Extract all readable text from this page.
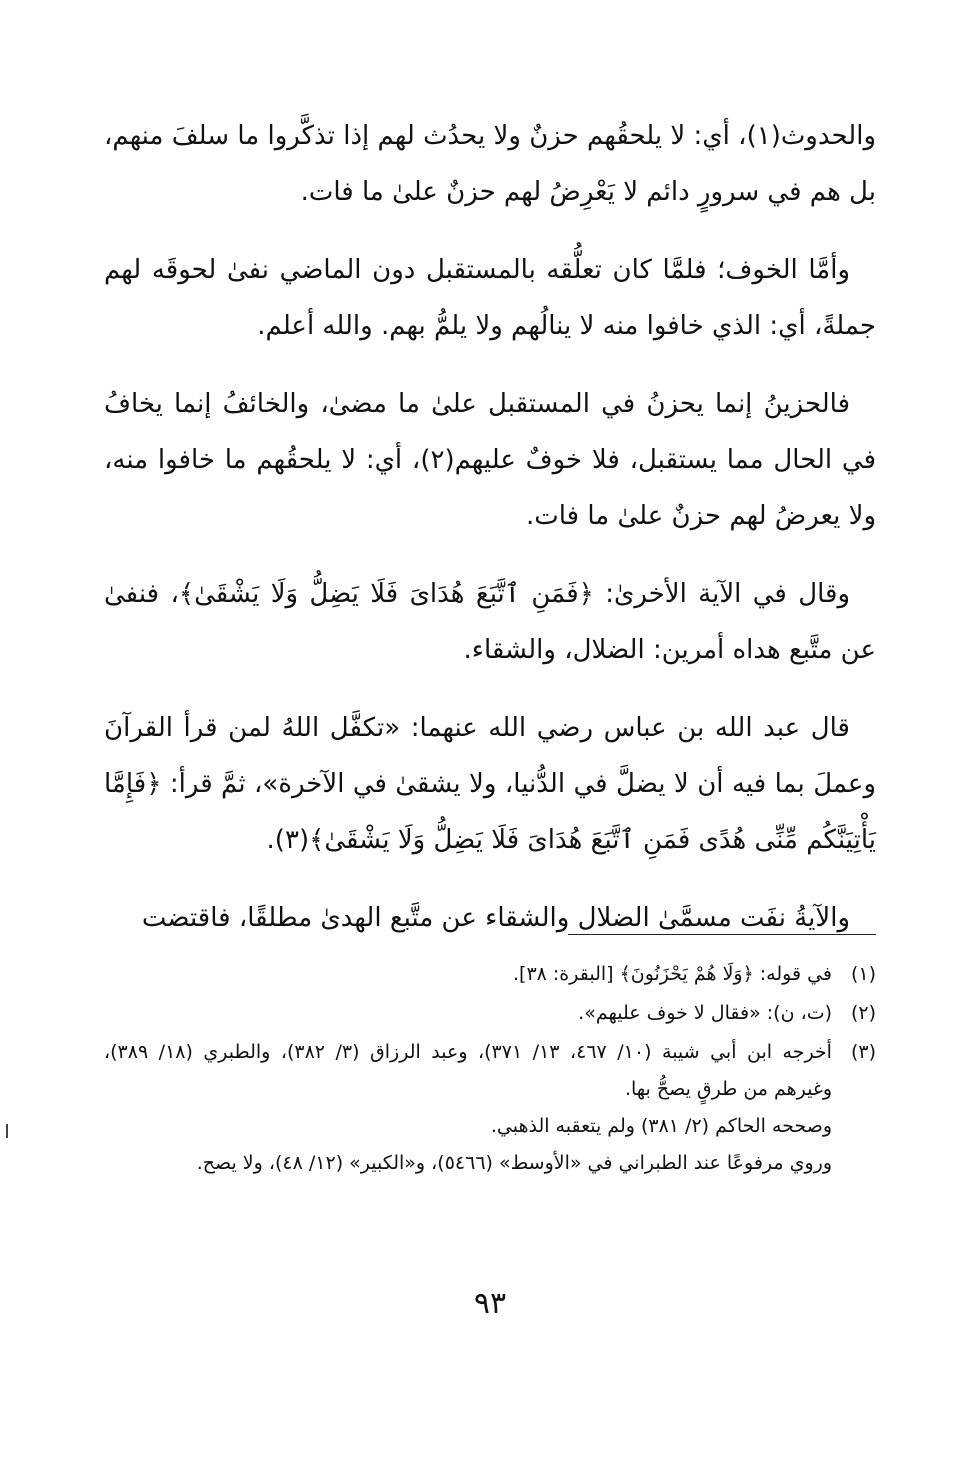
والحدوث(١)، أي: لا يلحقُهم حزنٌ ولا يحدُث لهم إذا تذكَّروا ما سلفَ منهم، بل هم في سرورٍ دائم لا يَعْرِضُ لهم حزنٌ علىٰ ما فات.

وأمَّا الخوف؛ فلمَّا كان تعلُّقه بالمستقبل دون الماضي نفىٰ لحوقَه لهم جملةً، أي: الذي خافوا منه لا ينالُهم ولا يلمُّ بهم. والله أعلم.

فالحزينُ إنما يحزنُ في المستقبل علىٰ ما مضىٰ، والخائفُ إنما يخافُ في الحال مما يستقبل، فلا خوفٌ عليهم(٢)، أي: لا يلحقُهم ما خافوا منه، ولا يعرضُ لهم حزنٌ علىٰ ما فات.

وقال في الآية الأخرىٰ: ﴿فَمَنِ ٱتَّبَعَ هُدَاىَ فَلَا يَضِلُّ وَلَا يَشْقَىٰ﴾، فنفىٰ عن متَّبع هداه أمرين: الضلال، والشقاء.

قال عبد الله بن عباس رضي الله عنهما: «تكفَّل اللهُ لمن قرأ القرآنَ وعملَ بما فيه أن لا يضلَّ في الدُّنيا، ولا يشقىٰ في الآخرة»، ثمَّ قرأ: ﴿فَإِمَّا يَأْتِيَنَّكُم مِّنِّى هُدًى فَمَنِ ٱتَّبَعَ هُدَاىَ فَلَا يَضِلُّ وَلَا يَشْقَىٰ﴾(٣).

والآيةُ نفَت مسمَّىٰ الضلال والشقاء عن متَّبع الهدىٰ مطلقًا، فاقتضت

(١)
في قوله: ﴿وَلَا هُمْ يَحْزَنُونَ﴾ [البقرة: ٣٨].
(٢)
(ت، ن): «فقال لا خوف عليهم».
(٣)
أخرجه ابن أبي شيبة (١٠/ ٤٦٧، ١٣/ ٣٧١)، وعبد الرزاق (٣/ ٣٨٢)، والطبري (١٨/ ٣٨٩)، وغيرهم من طرقٍ يصحُّ بها.
وصححه الحاكم (٢/ ٣٨١) ولم يتعقبه الذهبي.
وروي مرفوعًا عند الطبراني في «الأوسط» (٥٤٦٦)، و«الكبير» (١٢/ ٤٨)، ولا يصح.
٩٣
